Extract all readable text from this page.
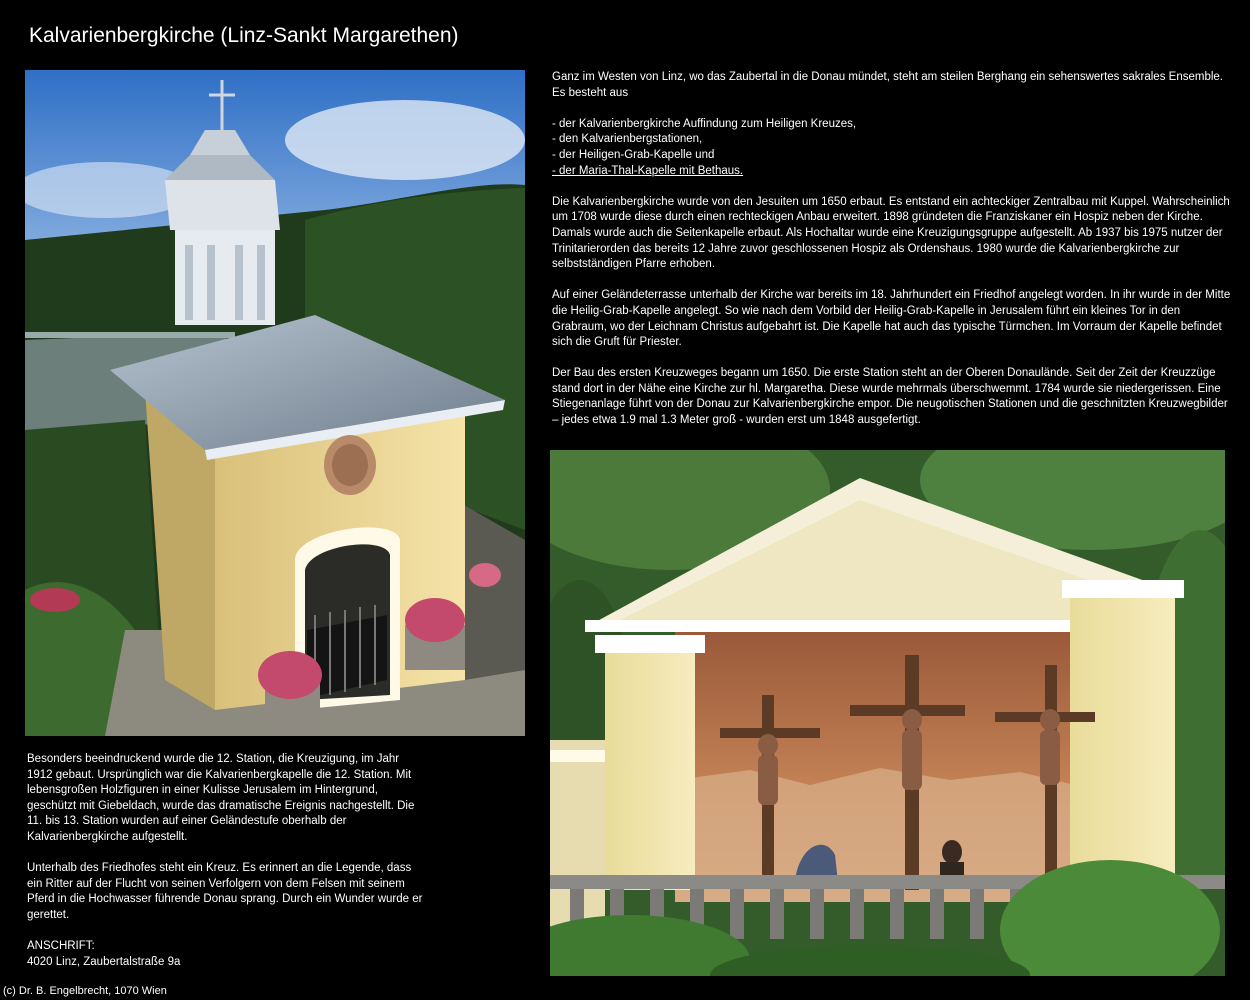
Kalvarienbergkirche (Linz-Sankt Margarethen)

Ganz im Westen von Linz, wo das Zaubertal in die Donau mündet, steht am steilen Berghang ein sehenswertes sakrales Ensemble. Es besteht aus

- der Kalvarienbergkirche Auffindung zum Heiligen Kreuzes,
- den Kalvarienbergstationen,
- der Heiligen-Grab-Kapelle und
- der Maria-Thal-Kapelle mit Bethaus.

Die Kalvarienbergkirche wurde von den Jesuiten um 1650 erbaut. Es entstand ein achteckiger Zentralbau mit Kuppel. Wahrscheinlich um 1708 wurde diese durch einen rechteckigen Anbau erweitert. 1898 gründeten die Franziskaner ein Hospiz neben der Kirche. Damals wurde auch die Seitenkapelle erbaut. Als Hochaltar wurde eine Kreuzigungsgruppe aufgestellt. Ab 1937 bis 1975 nutzer der Trinitarierorden das bereits 12 Jahre zuvor geschlossenen Hospiz als Ordenshaus. 1980 wurde die Kalvarienbergkirche zur selbstständigen Pfarre erhoben.

Auf einer Geländeterrasse unterhalb der Kirche war bereits im 18. Jahrhundert ein Friedhof angelegt worden. In ihr wurde in der Mitte die Heilig-Grab-Kapelle angelegt. So wie nach dem Vorbild der Heilig-Grab-Kapelle in Jerusalem führt ein kleines Tor in den Grabraum, wo der Leichnam Christus aufgebahrt ist. Die Kapelle hat auch das typische Türmchen. Im Vorraum der Kapelle befindet sich die Gruft für Priester.

Der Bau des ersten Kreuzweges begann um 1650. Die erste Station steht an der Oberen Donaulände. Seit der Zeit der Kreuzzüge stand dort in der Nähe eine Kirche zur hl. Margaretha. Diese wurde mehrmals überschwemmt. 1784 wurde sie niedergerissen. Eine Stiegenanlage führt von der Donau zur Kalvarienbergkirche empor. Die neugotischen Stationen und die geschnitzten Kreuzwegbilder – jedes etwa 1.9 mal 1.3 Meter groß - wurden erst um 1848 ausgefertigt.

Besonders beeindruckend wurde die 12. Station, die Kreuzigung, im Jahr 1912 gebaut. Ursprünglich war die Kalvarienbergkapelle die 12. Station. Mit lebensgroßen Holzfiguren in einer Kulisse Jerusalem im Hintergrund, geschützt mit Giebeldach, wurde das dramatische Ereignis nachgestellt. Die 11. bis 13. Station wurden auf einer Geländestufe oberhalb der Kalvarienbergkirche aufgestellt.

Unterhalb des Friedhofes steht ein Kreuz. Es erinnert an die Legende, dass ein Ritter auf der Flucht von seinen Verfolgern von dem Felsen mit seinem Pferd in die Hochwasser führende Donau sprang. Durch ein Wunder wurde er gerettet.

ANSCHRIFT:
4020 Linz, Zaubertalstraße 9a

(c) Dr. B. Engelbrecht, 1070 Wien
